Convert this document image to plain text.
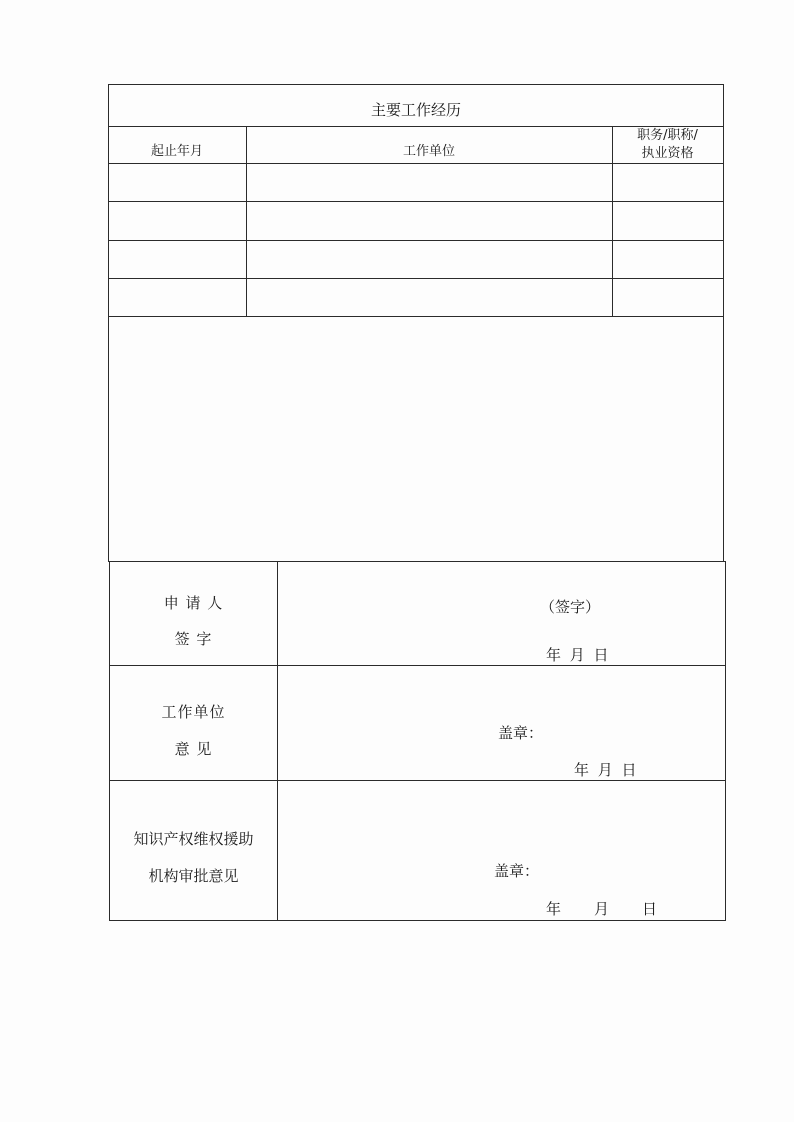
主要工作经历
起止年月	工作单位
职务/职称/
执业资格
申 请 人
签 字
（签字）
年 月 日
工作单位
意 见
盖章：
年 月 日
知识产权维权援助
机构审批意见	盖章：
年 月 日
